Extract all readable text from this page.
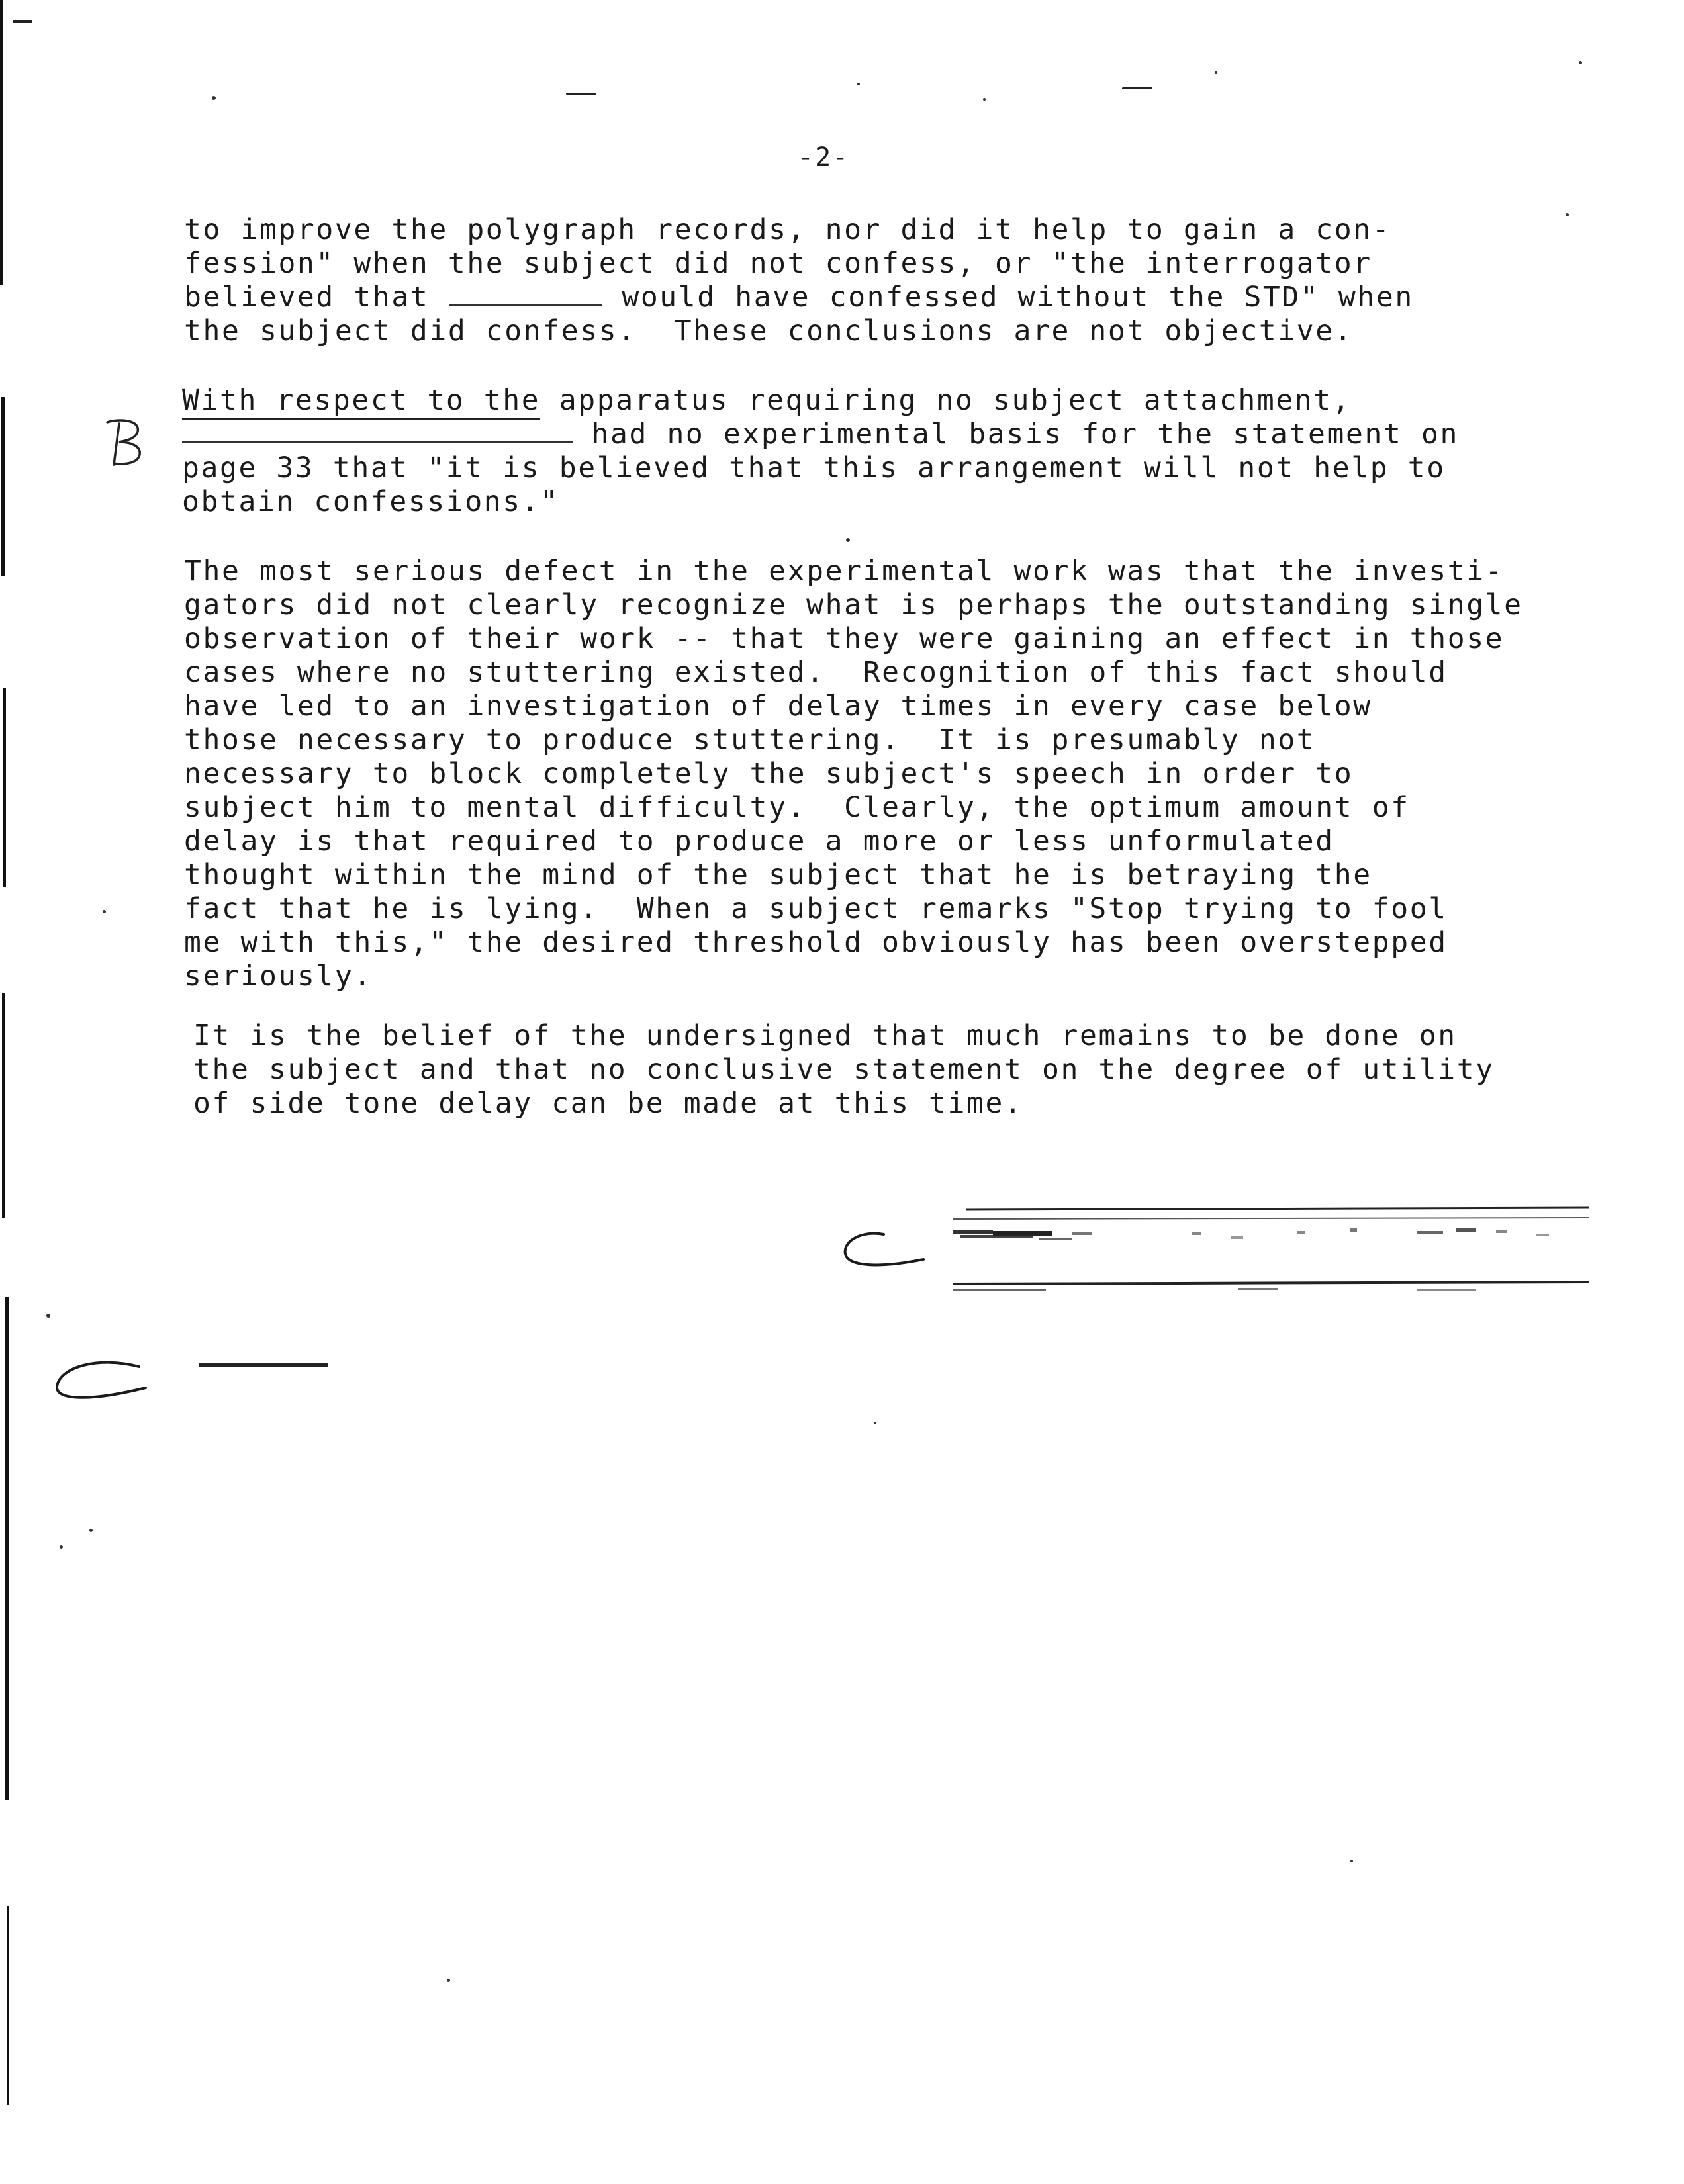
-2-

to improve the polygraph records, nor did it help to gain a con-
fession" when the subject did not confess, or "the interrogator
believed that	would have confessed without the STD" when
the subject did confess.  These conclusions are not objective.

With respect to the apparatus requiring no subject attachment,
had no experimental basis for the statement on
page 33 that "it is believed that this arrangement will not help to
obtain confessions."

The most serious defect in the experimental work was that the investi-
gators did not clearly recognize what is perhaps the outstanding single
observation of their work -- that they were gaining an effect in those
cases where no stuttering existed.  Recognition of this fact should
have led to an investigation of delay times in every case below
those necessary to produce stuttering.  It is presumably not
necessary to block completely the subject's speech in order to
subject him to mental difficulty.  Clearly, the optimum amount of
delay is that required to produce a more or less unformulated
thought within the mind of the subject that he is betraying the
fact that he is lying.  When a subject remarks "Stop trying to fool
me with this," the desired threshold obviously has been overstepped
seriously.

It is the belief of the undersigned that much remains to be done on
the subject and that no conclusive statement on the degree of utility
of side tone delay can be made at this time.
